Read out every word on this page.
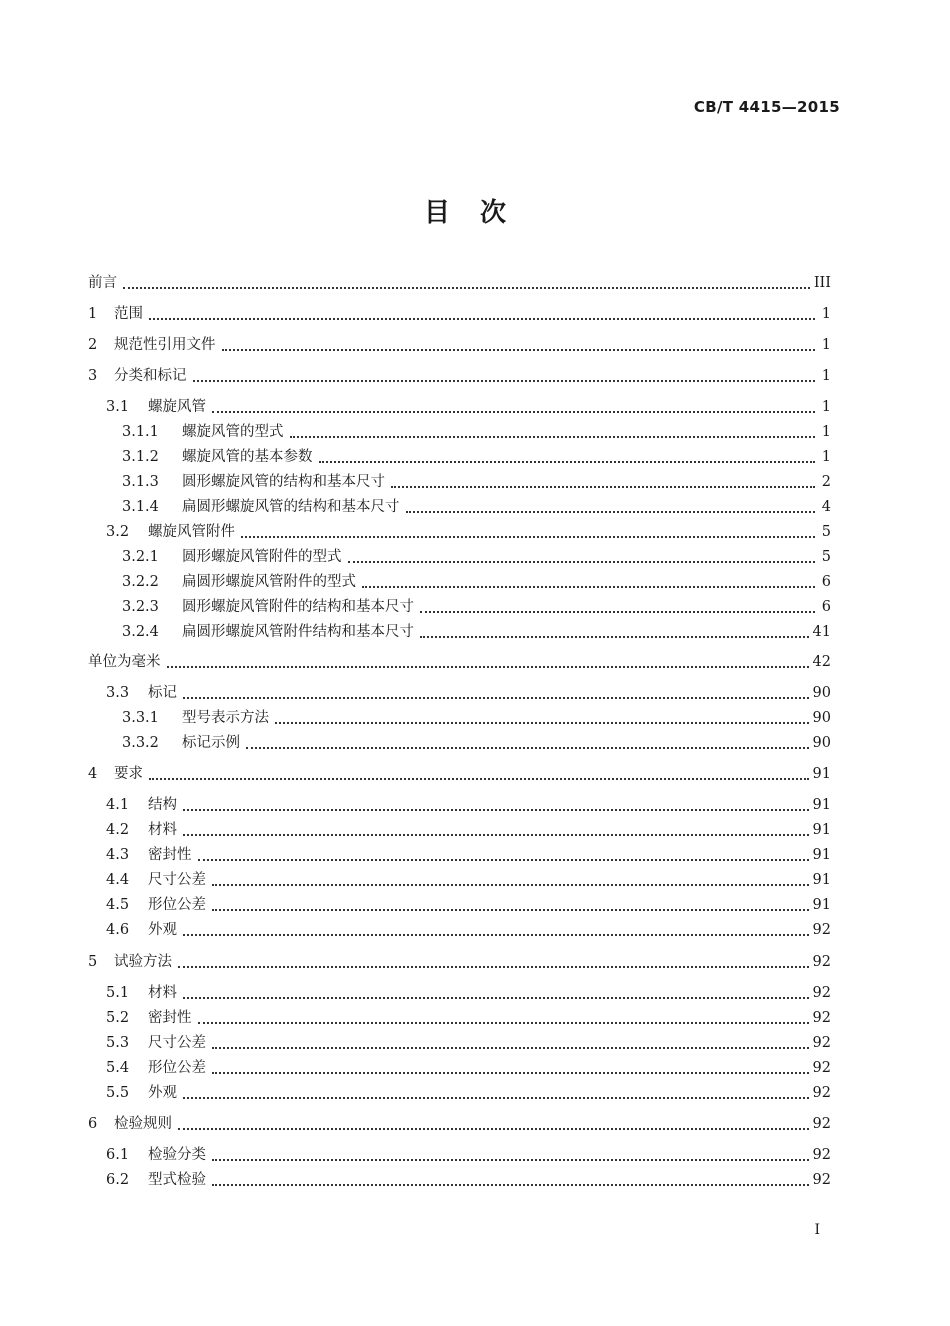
CB/T 4415—2015
目次
前言	III
1	范围	1
2	规范性引用文件	1
3	分类和标记	1
3.1	螺旋风管	1
3.1.1	螺旋风管的型式	1
3.1.2	螺旋风管的基本参数	1
3.1.3	圆形螺旋风管的结构和基本尺寸	2
3.1.4	扁圆形螺旋风管的结构和基本尺寸	4
3.2	螺旋风管附件	5
3.2.1	圆形螺旋风管附件的型式	5
3.2.2	扁圆形螺旋风管附件的型式	6
3.2.3	圆形螺旋风管附件的结构和基本尺寸	6
3.2.4	扁圆形螺旋风管附件结构和基本尺寸	41
单位为毫米	42
3.3	标记	90
3.3.1	型号表示方法	90
3.3.2	标记示例	90
4	要求	91
4.1	结构	91
4.2	材料	91
4.3	密封性	91
4.4	尺寸公差	91
4.5	形位公差	91
4.6	外观	92
5	试验方法	92
5.1	材料	92
5.2	密封性	92
5.3	尺寸公差	92
5.4	形位公差	92
5.5	外观	92
6	检验规则	92
6.1	检验分类	92
6.2	型式检验	92
I
